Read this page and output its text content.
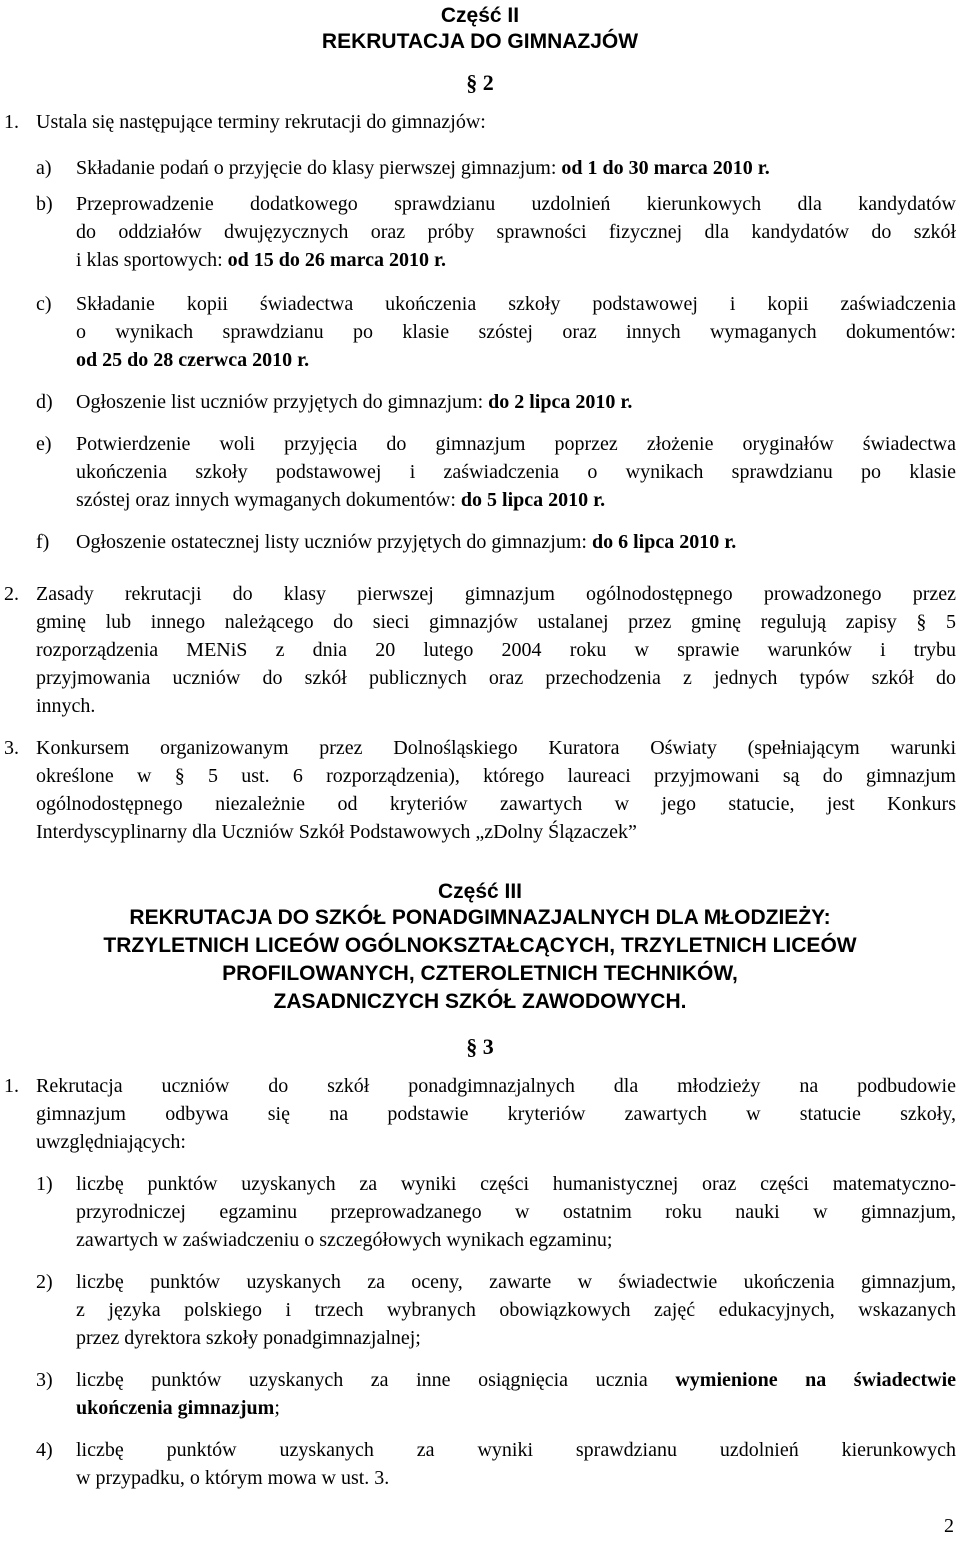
Część II
REKRUTACJA DO GIMNAZJÓW
§ 2
1. Ustala się następujące terminy rekrutacji do gimnazjów:
a) Składanie podań o przyjęcie do klasy pierwszej gimnazjum: od 1 do 30 marca 2010 r.
b) Przeprowadzenie dodatkowego sprawdzianu uzdolnień kierunkowych dla kandydatów
do oddziałów dwujęzycznych oraz próby sprawności fizycznej dla kandydatów do szkół
i klas sportowych: od 15 do 26 marca 2010 r.
c) Składanie kopii świadectwa ukończenia szkoły podstawowej i kopii zaświadczenia
o wynikach sprawdzianu po klasie szóstej oraz innych wymaganych dokumentów:
od 25 do 28 czerwca 2010 r.
d) Ogłoszenie list uczniów przyjętych do gimnazjum: do 2 lipca 2010 r.
e) Potwierdzenie woli przyjęcia do gimnazjum poprzez złożenie oryginałów świadectwa
ukończenia szkoły podstawowej i zaświadczenia o wynikach sprawdzianu po klasie
szóstej oraz innych wymaganych dokumentów: do 5 lipca 2010 r.
f) Ogłoszenie ostatecznej listy uczniów przyjętych do gimnazjum: do 6 lipca 2010 r.
2. Zasady rekrutacji do klasy pierwszej gimnazjum ogólnodostępnego prowadzonego przez
gminę lub innego należącego do sieci gimnazjów ustalanej przez gminę regulują zapisy § 5
rozporządzenia MENiS z dnia 20 lutego 2004 roku w sprawie warunków i trybu
przyjmowania uczniów do szkół publicznych oraz przechodzenia z jednych typów szkół do
innych.
3. Konkursem organizowanym przez Dolnośląskiego Kuratora Oświaty (spełniającym warunki
określone w § 5 ust. 6 rozporządzenia), którego laureaci przyjmowani są do gimnazjum
ogólnodostępnego niezależnie od kryteriów zawartych w jego statucie, jest Konkurs
Interdyscyplinarny dla Uczniów Szkół Podstawowych „zDolny Ślązaczek”
Część III
REKRUTACJA DO SZKÓŁ PONADGIMNAZJALNYCH DLA MŁODZIEŻY:
TRZYLETNICH LICEÓW OGÓLNOKSZTAŁCĄCYCH, TRZYLETNICH LICEÓW
PROFILOWANYCH, CZTEROLETNICH TECHNIKÓW,
ZASADNICZYCH SZKÓŁ ZAWODOWYCH.
§ 3
1. Rekrutacja uczniów do szkół ponadgimnazjalnych dla młodzieży na podbudowie
gimnazjum odbywa się na podstawie kryteriów zawartych w statucie szkoły,
uwzględniających:
1) liczbę punktów uzyskanych za wyniki części humanistycznej oraz części matematyczno-
przyrodniczej egzaminu przeprowadzanego w ostatnim roku nauki w gimnazjum,
zawartych w zaświadczeniu o szczegółowych wynikach egzaminu;
2) liczbę punktów uzyskanych za oceny, zawarte w świadectwie ukończenia gimnazjum,
z języka polskiego i trzech wybranych obowiązkowych zajęć edukacyjnych, wskazanych
przez dyrektora szkoły ponadgimnazjalnej;
3) liczbę punktów uzyskanych za inne osiągnięcia ucznia wymienione na świadectwie
ukończenia gimnazjum;
4) liczbę punktów uzyskanych za wyniki sprawdzianu uzdolnień kierunkowych
w przypadku, o którym mowa w ust. 3.
2
